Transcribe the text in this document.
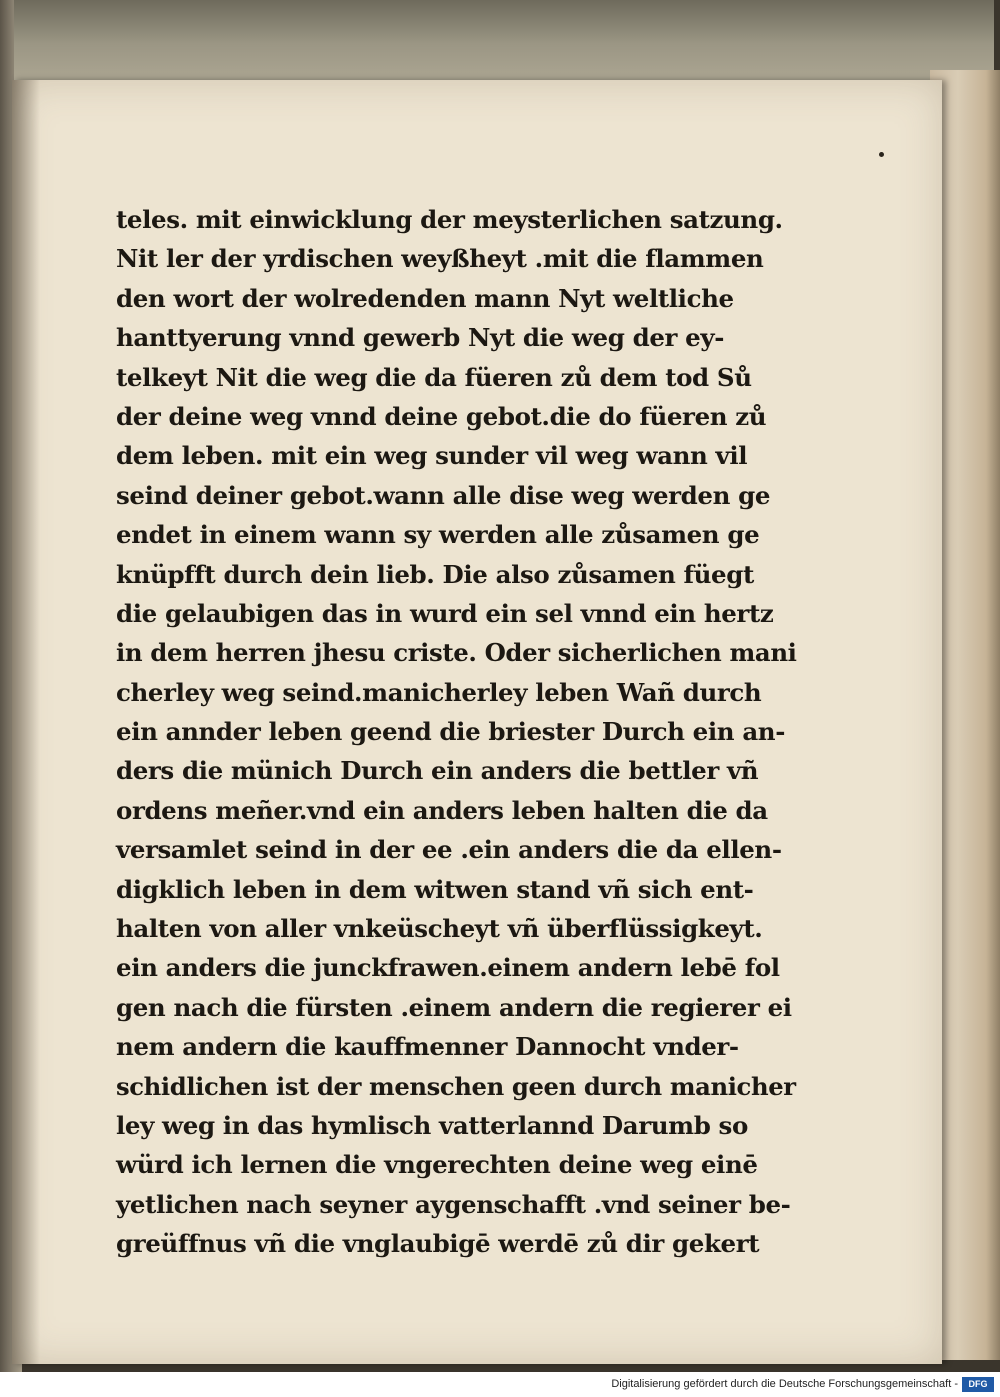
teles. mit einwicklung der meysterlichen satzung.
Nit ler der yrdischen weyßheyt .mit die flammen
den wort der wolredenden mann Nyt weltliche
hanttyerung vnnd gewerb Nyt die weg der ey-
telkeyt Nit die weg die da füeren zů dem tod Sů
der deine weg vnnd deine gebot.die do füeren zů
dem leben. mit ein weg sunder vil weg wann vil
seind deiner gebot.wann alle dise weg werden ge
endet in einem wann sy werden alle zůsamen ge
knüpfft durch dein lieb. Die also zůsamen füegt
die gelaubigen das in wurd ein sel vnnd ein hertz
in dem herren jhesu criste. Oder sicherlichen mani
cherley weg seind.manicherley leben Wañ durch
ein annder leben geend die briester Durch ein an-
ders die münich Durch ein anders die bettler vñ
ordens meñer.vnd ein anders leben halten die da
versamlet seind in der ee .ein anders die da ellen-
digklich leben in dem witwen stand vñ sich ent-
halten von aller vnkeüscheyt vñ überflüssigkeyt.
ein anders die junckfrawen.einem andern lebē fol
gen nach die fürsten .einem andern die regierer ei
nem andern die kauffmenner Dannocht vnder-
schidlichen ist der menschen geen durch manicher
ley weg in das hymlisch vatterlannd Darumb so
würd ich lernen die vngerechten deine weg einē
yetlichen nach seyner aygenschafft .vnd seiner be-
greüffnus vñ die vnglaubigē werdē zů dir gekert
Digitalisierung gefördert durch die Deutsche Forschungsgemeinschaft -	DFG
